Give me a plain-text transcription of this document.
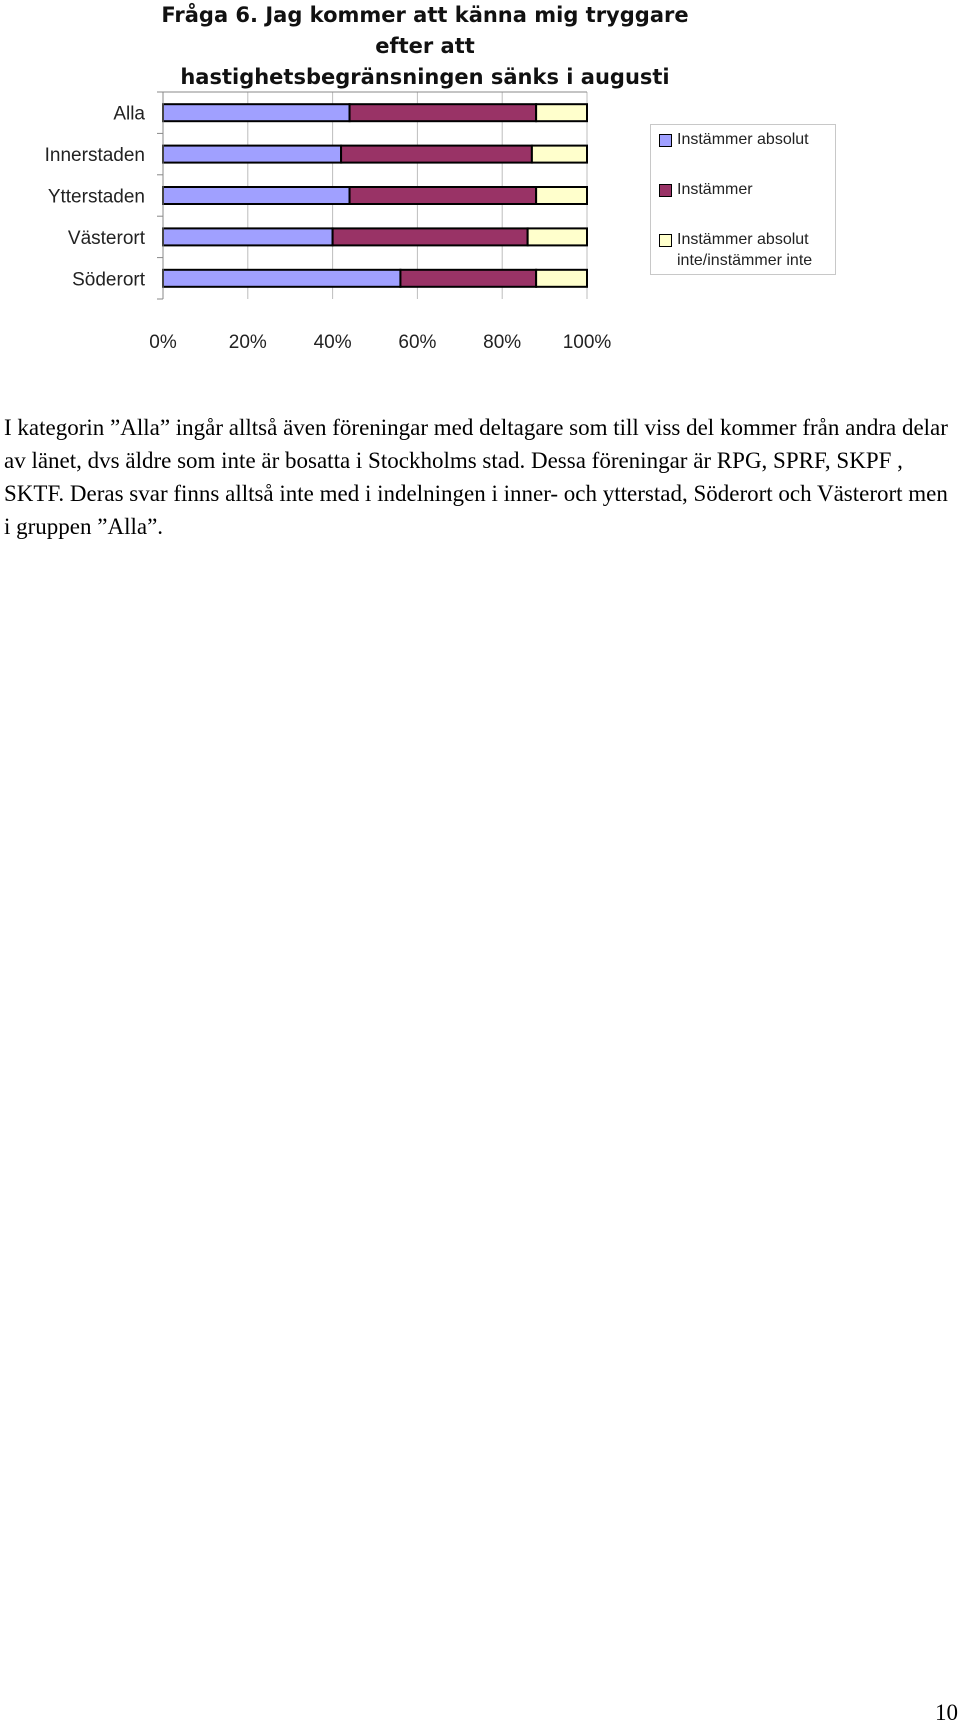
Fråga 6. Jag kommer att känna mig tryggare efter att
hastighetsbegränsningen sänks i augusti
Alla
Innerstaden
Ytterstaden
Västerort
Söderort
0%	20% 40% 60% 80% 100%
Instämmer absolut
Instämmer
Instämmer absolut
inte/instämmer inte

I kategorin ”Alla” ingår alltså även föreningar med deltagare som till viss del kommer från andra delar av länet, dvs äldre som inte är bosatta i Stockholms stad. Dessa föreningar är RPG, SPRF, SKPF , SKTF. Deras svar finns alltså inte med i indelningen i inner- och ytterstad, Söderort och Västerort men i gruppen ”Alla”.

10
